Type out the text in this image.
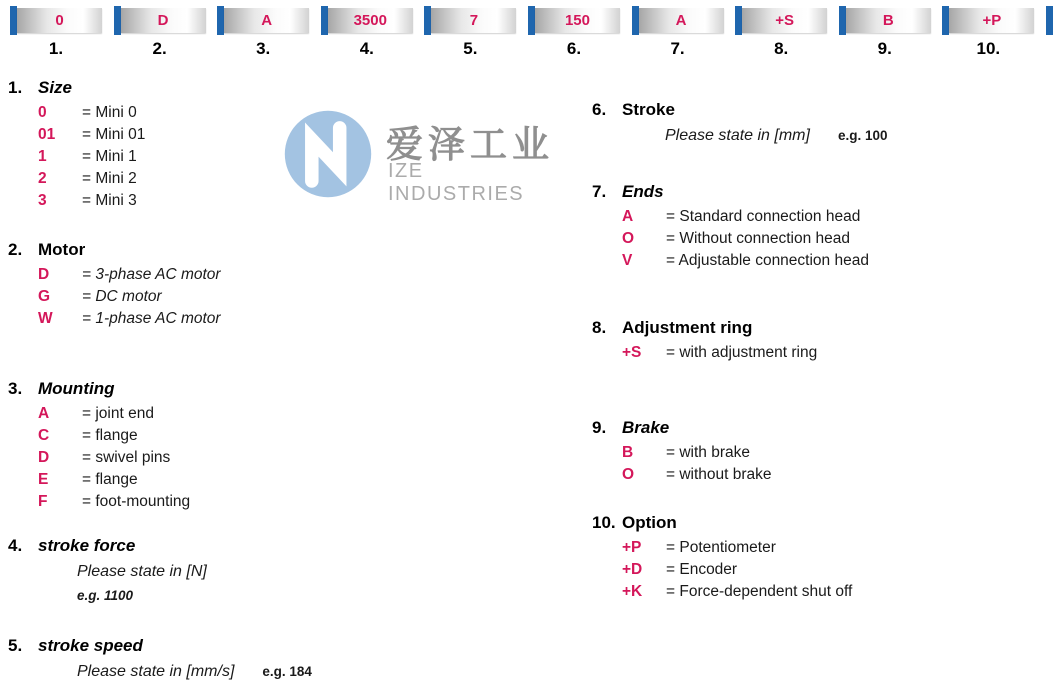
0
1.
D
2.
A
3.
3500
4.
7
5.
150
6.
A
7.
+S
8.
B
9.
+P
10.
爱泽工业
IZE INDUSTRIES
1. Size
0	= Mini 0
01	= Mini 01
1	= Mini 1
2	= Mini 2
3	= Mini 3
2. Motor
D	= 3-phase AC motor
G	= DC motor
W	= 1-phase AC motor
3. Mounting
A	= joint end
C	= flange
D	= swivel pins
E	= flange
F	= foot-mounting
4. stroke force
Please state in [N]
e.g. 1100
5. stroke speed
Please state in [mm/s] e.g. 184
6. Stroke
Please state in [mm] e.g. 100
7. Ends
A	= Standard connection head
O	= Without connection head
V	= Adjustable connection head
8. Adjustment ring
+S	= with adjustment ring
9. Brake
B	= with brake
O	= without brake
10. Option
+P	= Potentiometer
+D	= Encoder
+K	= Force-dependent shut off
